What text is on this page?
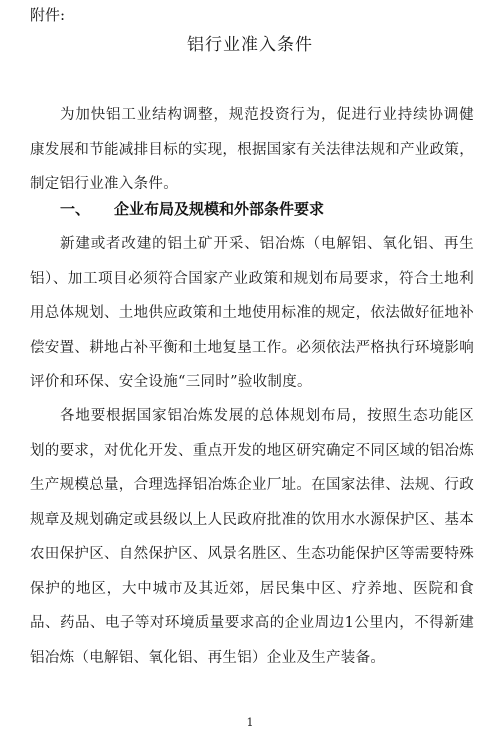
附件:
铝行业准入条件

为加快铝工业结构调整，规范投资行为，促进行业持续协调健康发展和节能减排目标的实现，根据国家有关法律法规和产业政策，制定铝行业准入条件。

一、 企业布局及规模和外部条件要求

新建或者改建的铝土矿开采、铝冶炼（电解铝、氧化铝、再生铝）、加工项目必须符合国家产业政策和规划布局要求，符合土地利用总体规划、土地供应政策和土地使用标准的规定，依法做好征地补偿安置、耕地占补平衡和土地复垦工作。必须依法严格执行环境影响评价和环保、安全设施“三同时”验收制度。

各地要根据国家铝冶炼发展的总体规划布局，按照生态功能区划的要求，对优化开发、重点开发的地区研究确定不同区域的铝冶炼生产规模总量，合理选择铝冶炼企业厂址。在国家法律、法规、行政规章及规划确定或县级以上人民政府批准的饮用水水源保护区、基本农田保护区、自然保护区、风景名胜区、生态功能保护区等需要特殊保护的地区，大中城市及其近郊，居民集中区、疗养地、医院和食品、药品、电子等对环境质量要求高的企业周边1公里内，不得新建铝冶炼（电解铝、氧化铝、再生铝）企业及生产装备。

1
